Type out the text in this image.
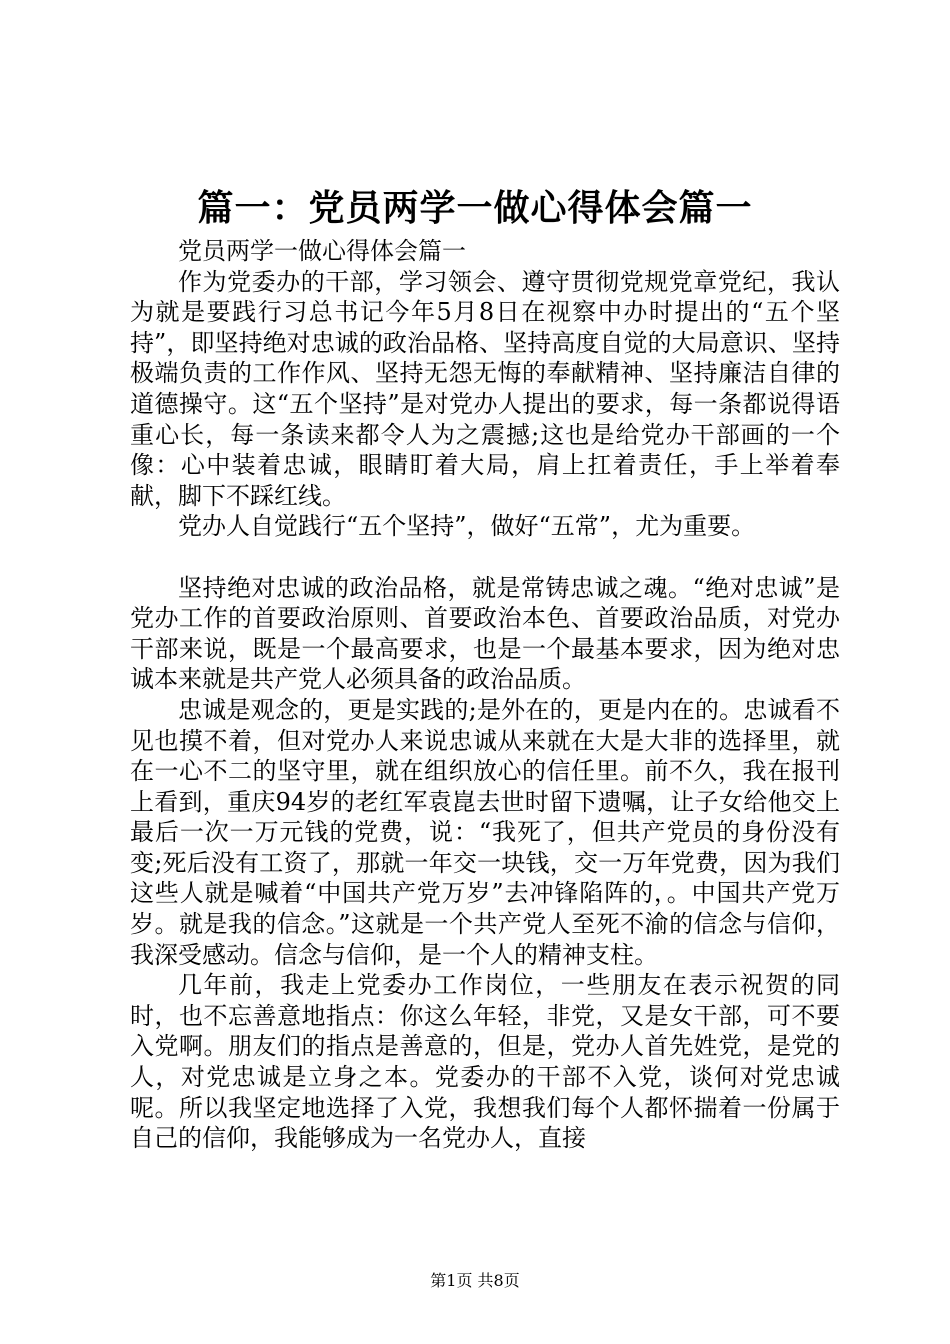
篇一：党员两学一做心得体会篇一

党员两学一做心得体会篇一

作为党委办的干部，学习领会、遵守贯彻党规党章党纪，我认为就是要践行习总书记今年5月8日在视察中办时提出的“五个坚持”，即坚持绝对忠诚的政治品格、坚持高度自觉的大局意识、坚持极端负责的工作作风、坚持无怨无悔的奉献精神、坚持廉洁自律的道德操守。这“五个坚持”是对党办人提出的要求，每一条都说得语重心长，每一条读来都令人为之震撼;这也是给党办干部画的一个像：心中装着忠诚，眼睛盯着大局，肩上扛着责任，手上举着奉献，脚下不踩红线。

党办人自觉践行“五个坚持”，做好“五常”，尤为重要。

坚持绝对忠诚的政治品格，就是常铸忠诚之魂。“绝对忠诚”是党办工作的首要政治原则、首要政治本色、首要政治品质，对党办干部来说，既是一个最高要求，也是一个最基本要求，因为绝对忠诚本来就是共产党人必须具备的政治品质。

忠诚是观念的，更是实践的;是外在的，更是内在的。忠诚看不见也摸不着，但对党办人来说忠诚从来就在大是大非的选择里，就在一心不二的坚守里，就在组织放心的信任里。前不久，我在报刊上看到，重庆94岁的老红军袁崑去世时留下遗嘱，让子女给他交上最后一次一万元钱的党费，说：“我死了，但共产党员的身份没有变;死后没有工资了，那就一年交一块钱，交一万年党费，因为我们这些人就是喊着“中国共产党万岁”去冲锋陷阵的，。中国共产党万岁。就是我的信念。”这就是一个共产党人至死不渝的信念与信仰，我深受感动。信念与信仰，是一个人的精神支柱。

几年前，我走上党委办工作岗位，一些朋友在表示祝贺的同时，也不忘善意地指点：你这么年轻，非党，又是女干部，可不要入党啊。朋友们的指点是善意的，但是，党办人首先姓党，是党的人，对党忠诚是立身之本。党委办的干部不入党，谈何对党忠诚呢。所以我坚定地选择了入党，我想我们每个人都怀揣着一份属于自己的信仰，我能够成为一名党办人，直接

第1页 共8页
